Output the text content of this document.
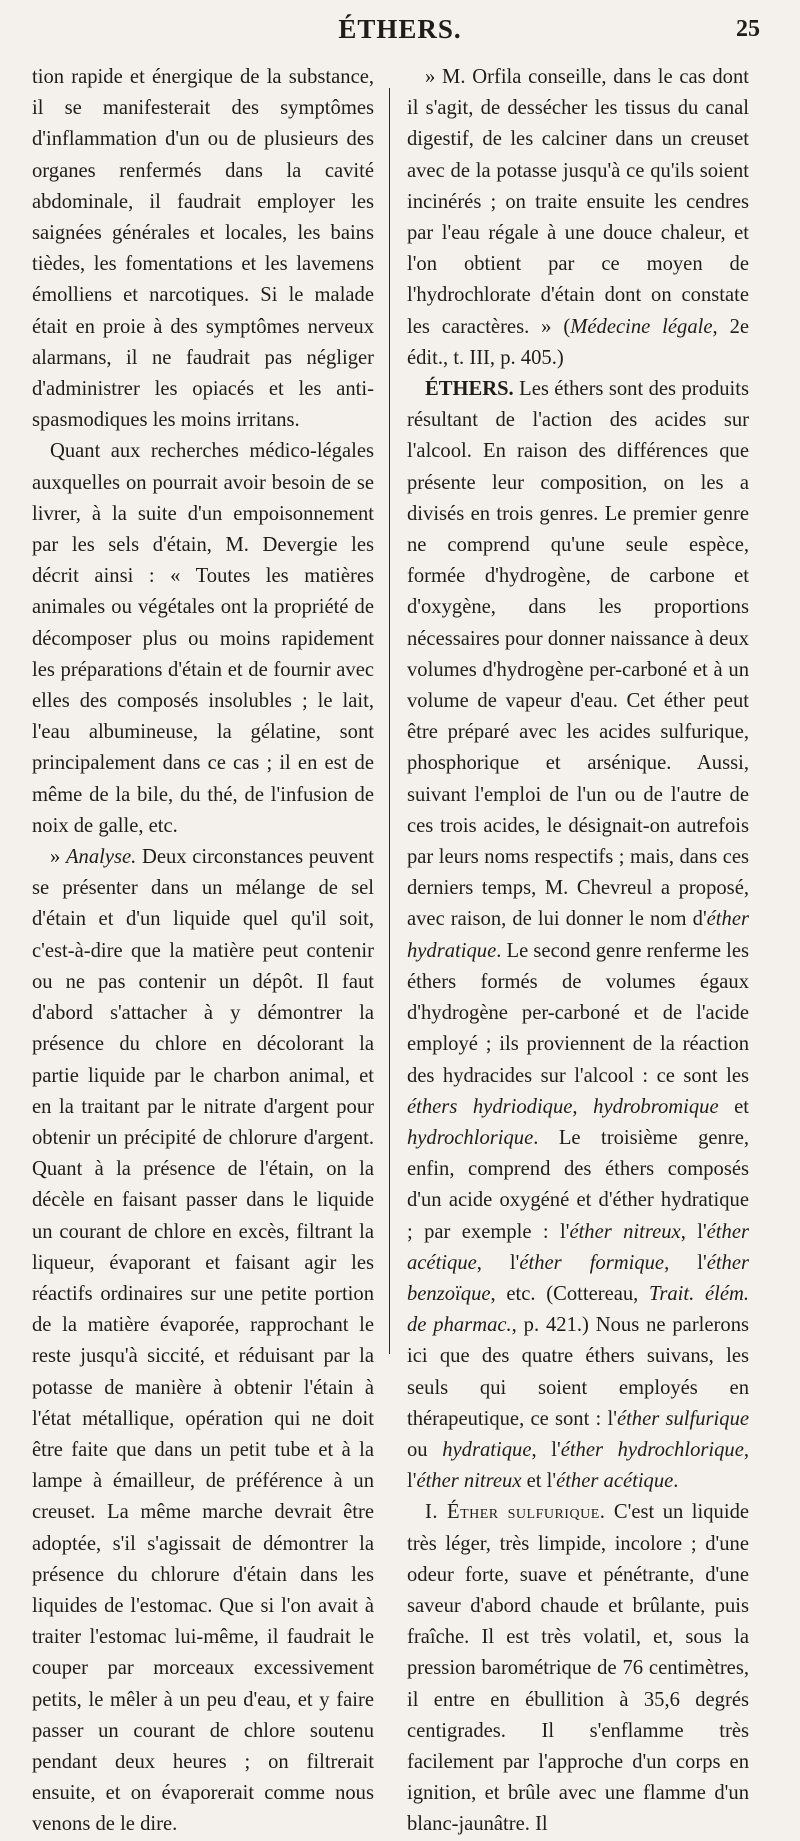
ÉTHERS.	25

tion rapide et énergique de la substance, il se manifesterait des symptômes d'inflammation d'un ou de plusieurs des organes renfermés dans la cavité abdominale, il faudrait employer les saignées générales et locales, les bains tièdes, les fomentations et les lavemens émolliens et narcotiques. Si le malade était en proie à des symptômes nerveux alarmans, il ne faudrait pas négliger d'administrer les opiacés et les anti-spasmodiques les moins irritans.

Quant aux recherches médico-légales auxquelles on pourrait avoir besoin de se livrer, à la suite d'un empoisonnement par les sels d'étain, M. Devergie les décrit ainsi : « Toutes les matières animales ou végétales ont la propriété de décomposer plus ou moins rapidement les préparations d'étain et de fournir avec elles des composés insolubles ; le lait, l'eau albumineuse, la gélatine, sont principalement dans ce cas ; il en est de même de la bile, du thé, de l'infusion de noix de galle, etc.

» Analyse. Deux circonstances peuvent se présenter dans un mélange de sel d'étain et d'un liquide quel qu'il soit, c'est-à-dire que la matière peut contenir ou ne pas contenir un dépôt. Il faut d'abord s'attacher à y démontrer la présence du chlore en décolorant la partie liquide par le charbon animal, et en la traitant par le nitrate d'argent pour obtenir un précipité de chlorure d'argent. Quant à la présence de l'étain, on la décèle en faisant passer dans le liquide un courant de chlore en excès, filtrant la liqueur, évaporant et faisant agir les réactifs ordinaires sur une petite portion de la matière évaporée, rapprochant le reste jusqu'à siccité, et réduisant par la potasse de manière à obtenir l'étain à l'état métallique, opération qui ne doit être faite que dans un petit tube et à la lampe à émailleur, de préférence à un creuset. La même marche devrait être adoptée, s'il s'agissait de démontrer la présence du chlorure d'étain dans les liquides de l'estomac. Que si l'on avait à traiter l'estomac lui-même, il faudrait le couper par morceaux excessivement petits, le mêler à un peu d'eau, et y faire passer un courant de chlore soutenu pendant deux heures ; on filtrerait ensuite, et on évaporerait comme nous venons de le dire.

» M. Orfila conseille, dans le cas dont il s'agit, de dessécher les tissus du canal digestif, de les calciner dans un creuset avec de la potasse jusqu'à ce qu'ils soient incinérés ; on traite ensuite les cendres par l'eau régale à une douce chaleur, et l'on obtient par ce moyen de l'hydrochlorate d'étain dont on constate les caractères. » (Médecine légale, 2e édit., t. III, p. 405.)

ÉTHERS. Les éthers sont des produits résultant de l'action des acides sur l'alcool. En raison des différences que présente leur composition, on les a divisés en trois genres. Le premier genre ne comprend qu'une seule espèce, formée d'hydrogène, de carbone et d'oxygène, dans les proportions nécessaires pour donner naissance à deux volumes d'hydrogène per-carboné et à un volume de vapeur d'eau. Cet éther peut être préparé avec les acides sulfurique, phosphorique et arsénique. Aussi, suivant l'emploi de l'un ou de l'autre de ces trois acides, le désignait-on autrefois par leurs noms respectifs ; mais, dans ces derniers temps, M. Chevreul a proposé, avec raison, de lui donner le nom d'éther hydratique. Le second genre renferme les éthers formés de volumes égaux d'hydrogène per-carboné et de l'acide employé ; ils proviennent de la réaction des hydracides sur l'alcool : ce sont les éthers hydriodique, hydrobromique et hydrochlorique. Le troisième genre, enfin, comprend des éthers composés d'un acide oxygéné et d'éther hydratique ; par exemple : l'éther nitreux, l'éther acétique, l'éther formique, l'éther benzoïque, etc. (Cottereau, Trait. élém. de pharmac., p. 421.) Nous ne parlerons ici que des quatre éthers suivans, les seuls qui soient employés en thérapeutique, ce sont : l'éther sulfurique ou hydratique, l'éther hydrochlorique, l'éther nitreux et l'éther acétique.

I. Éther sulfurique. C'est un liquide très léger, très limpide, incolore ; d'une odeur forte, suave et pénétrante, d'une saveur d'abord chaude et brûlante, puis fraîche. Il est très volatil, et, sous la pression barométrique de 76 centimètres, il entre en ébullition à 35,6 degrés centigrades. Il s'enflamme très facilement par l'approche d'un corps en ignition, et brûle avec une flamme d'un blanc-jaunâtre. Il
